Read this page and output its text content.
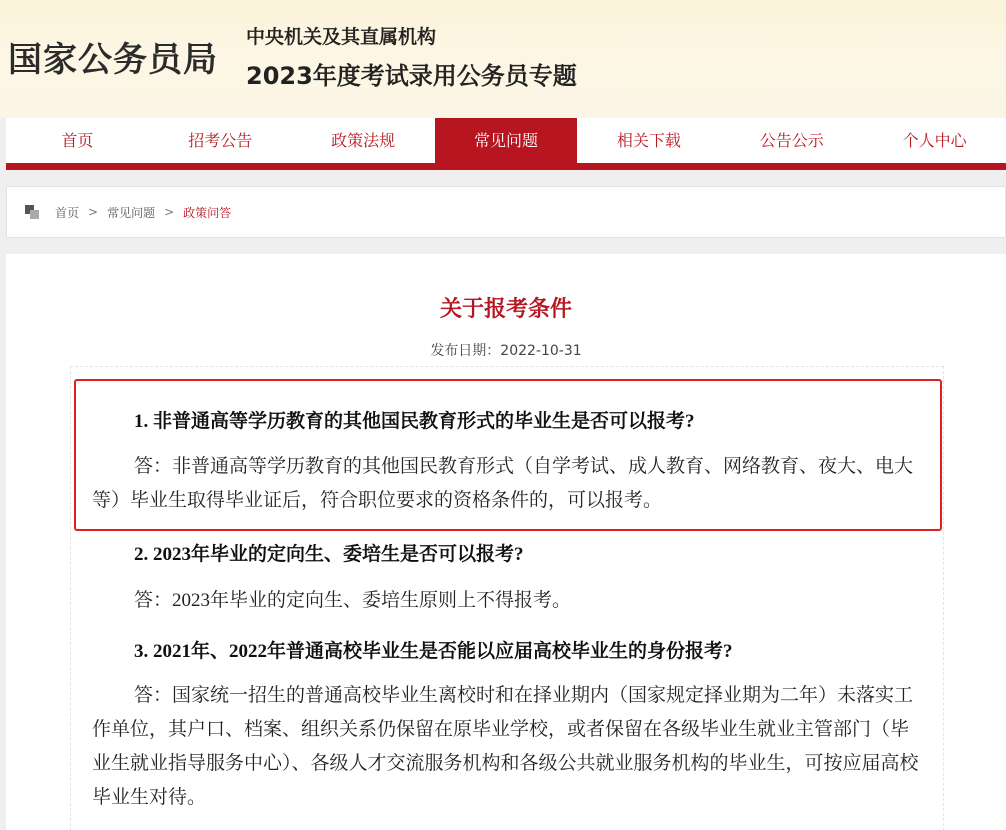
国家公务员局
中央机关及其直属机构
2023年度考试录用公务员专题
首页	招考公告	政策法规	常见问题	相关下载	公告公示	个人中心
首页 > 常见问题 > 政策问答
关于报考条件
发布日期：2022-10-31
1. 非普通高等学历教育的其他国民教育形式的毕业生是否可以报考?
答：非普通高等学历教育的其他国民教育形式（自学考试、成人教育、网络教育、夜大、电大等）毕业生取得毕业证后，符合职位要求的资格条件的，可以报考。
2. 2023年毕业的定向生、委培生是否可以报考?
答：2023年毕业的定向生、委培生原则上不得报考。
3. 2021年、2022年普通高校毕业生是否能以应届高校毕业生的身份报考?
答：国家统一招生的普通高校毕业生离校时和在择业期内（国家规定择业期为二年）未落实工作单位，其户口、档案、组织关系仍保留在原毕业学校，或者保留在各级毕业生就业主管部门（毕业生就业指导服务中心）、各级人才交流服务机构和各级公共就业服务机构的毕业生，可按应届高校毕业生对待。
